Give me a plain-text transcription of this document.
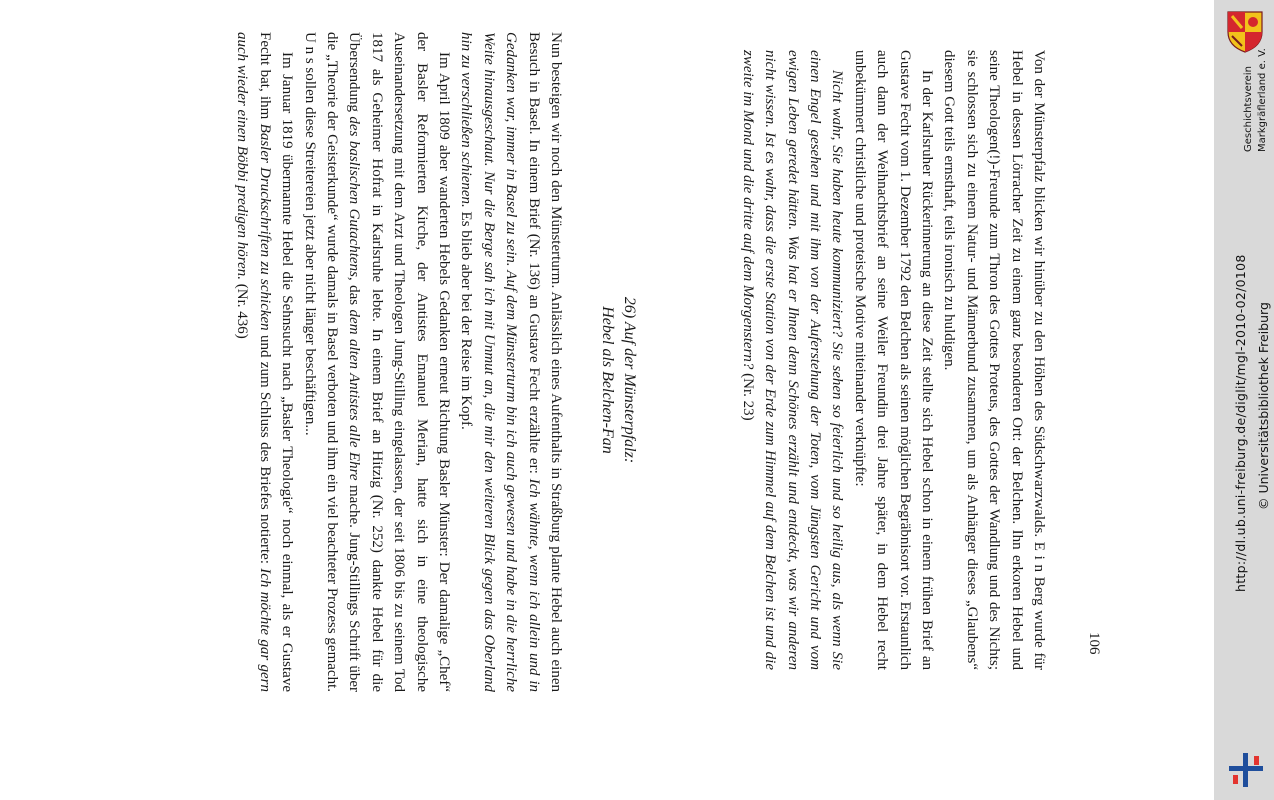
Nun besteigen wir noch den Münsterturm. Anlässlich eines Aufenthalts in Straßburg plante Hebel auch einen Besuch in Basel. In einem Brief (Nr. 136) an Gustave Fecht erzählte er: Ich wähnte, wenn ich allein und in Gedanken war, immer in Basel zu sein. Auf dem Münsterturm bin ich auch gewesen und habe in die herrliche Weite hinausgeschaut. Nur die Berge sah ich mit Unmut an, die mir den weiteren Blick gegen das Oberland hin zu verschließen schienen. Es blieb aber bei der Reise im Kopf.

Im April 1809 aber wanderten Hebels Gedanken erneut Richtung Basler Münster: Der damalige „Chef“ der Basler Reformierten Kirche, der Antistes Emanuel Merian, hatte sich in eine theologische Auseinandersetzung mit dem Arzt und Theologen Jung-Stilling eingelassen, der seit 1806 bis zu seinem Tod 1817 als Geheimer Hofrat in Karlsruhe lebte. In einem Brief an Hitzig (Nr. 252) dankte Hebel für die Übersendung des baslischen Gutachtens, das dem alten Antistes alle Ehre mache. Jung-Stillings Schrift über die „Theorie der Geisterkunde“ wurde damals in Basel verboten und ihm ein viel beachteter Prozess gemacht. U n s sollen diese Streitereien jetzt aber nicht länger beschäftigen...

Im Januar 1819 übermannte Hebel die Sehnsucht nach „Basler Theologie“ noch einmal, als er Gustave Fecht bat, ihm Basler Druckschriften zu schicken und zum Schluss des Briefes notierte: Ich möchte gar gern auch wieder einen Böbbi predigen hören. (Nr. 436)	26) Auf der Münsterpfalz:
Hebel als Belchen-Fan	Von der Münsterpfalz blicken wir hinüber zu den Höhen des Südschwarzwalds. E i n Berg wurde für Hebel in dessen Lörracher Zeit zu einem ganz besonderen Ort: der Belchen. Ihn erkoren Hebel und seine Theologen(!)-Freunde zum Thron des Gottes Proteus, des Gottes der Wandlung und des Nichts; sie schlossen sich zu einem Natur- und Männerbund zusammen, um als Anhänger dieses „Glaubens“ diesem Gott teils ernsthaft, teils ironisch zu huldigen.

In der Karlsruher Rückerinnerung an diese Zeit stellte sich Hebel schon in einem frühen Brief an Gustave Fecht vom 1. Dezember 1792 den Belchen als seinen möglichen Begräbnisort vor. Erstaunlich auch dann der Weihnachtsbrief an seine Weiler Freundin drei Jahre später, in dem Hebel recht unbekümmert christliche und proteische Motive miteinander verknüpfte:

Nicht wahr, Sie haben heute kommuniziert? Sie sehen so feierlich und so heilig aus, als wenn Sie einen Engel gesehen und mit ihm von der Auferstehung der Toten, vom Jüngsten Gericht und vom ewigen Leben geredet hätten. Was hat er Ihnen denn Schönes erzählt und entdeckt, was wir anderen nicht wissen. Ist es wahr, dass die erste Station von der Erde zum Himmel auf dem Belchen ist und die zweite im Mond und die dritte auf dem Morgenstern? (Nr. 23)

106
Geschichtsverein Markgräflerland e. V.
http://dl.ub.uni-freiburg.de/diglit/mgl-2010-02/0108 © Universitätsbibliothek Freiburg
